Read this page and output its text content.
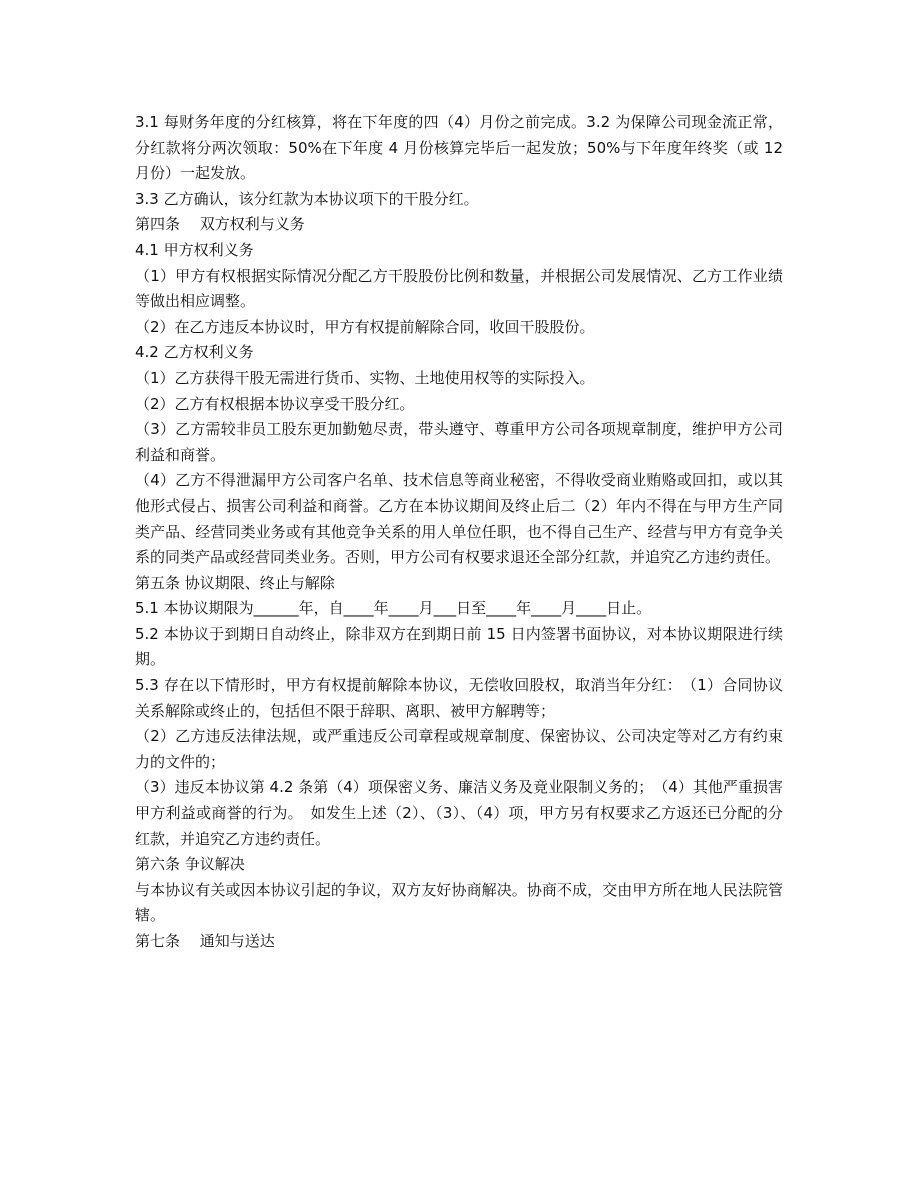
3.1 每财务年度的分红核算，将在下年度的四（4）月份之前完成。3.2 为保障公司现金流正常，分红款将分两次领取：50%在下年度 4 月份核算完毕后一起发放；50%与下年度年终奖（或 12 月份）一起发放。

3.3 乙方确认，该分红款为本协议项下的干股分红。

第四条　 双方权利与义务

4.1 甲方权利义务

（1）甲方有权根据实际情况分配乙方干股股份比例和数量，并根据公司发展情况、乙方工作业绩等做出相应调整。

（2）在乙方违反本协议时，甲方有权提前解除合同，收回干股股份。

4.2 乙方权利义务

（1）乙方获得干股无需进行货币、实物、土地使用权等的实际投入。

（2）乙方有权根据本协议享受干股分红。

（3）乙方需较非员工股东更加勤勉尽责，带头遵守、尊重甲方公司各项规章制度，维护甲方公司利益和商誉。

（4）乙方不得泄漏甲方公司客户名单、技术信息等商业秘密，不得收受商业贿赂或回扣，或以其他形式侵占、损害公司利益和商誉。乙方在本协议期间及终止后二（2）年内不得在与甲方生产同类产品、经营同类业务或有其他竞争关系的用人单位任职，也不得自己生产、经营与甲方有竞争关系的同类产品或经营同类业务。否则，甲方公司有权要求退还全部分红款，并追究乙方违约责任。

第五条 协议期限、终止与解除

5.1 本协议期限为______年，自____年____月___日至____年____月____日止。

5.2 本协议于到期日自动终止，除非双方在到期日前 15 日内签署书面协议，对本协议期限进行续期。

5.3 存在以下情形时，甲方有权提前解除本协议，无偿收回股权，取消当年分红：　（1）合同协议关系解除或终止的，包括但不限于辞职、离职、被甲方解聘等；

（2）乙方违反法律法规，或严重违反公司章程或规章制度、保密协议、公司决定等对乙方有约束力的文件的；

（3）违反本协议第 4.2 条第（4）项保密义务、廉洁义务及竟业限制义务的；　（4）其他严重损害甲方利益或商誉的行为。　如发生上述（2）、（3）、（4）项，甲方另有权要求乙方返还已分配的分红款，并追究乙方违约责任。

第六条 争议解决

与本协议有关或因本协议引起的争议，双方友好协商解决。协商不成，交由甲方所在地人民法院管辖。

第七条　 通知与送达
